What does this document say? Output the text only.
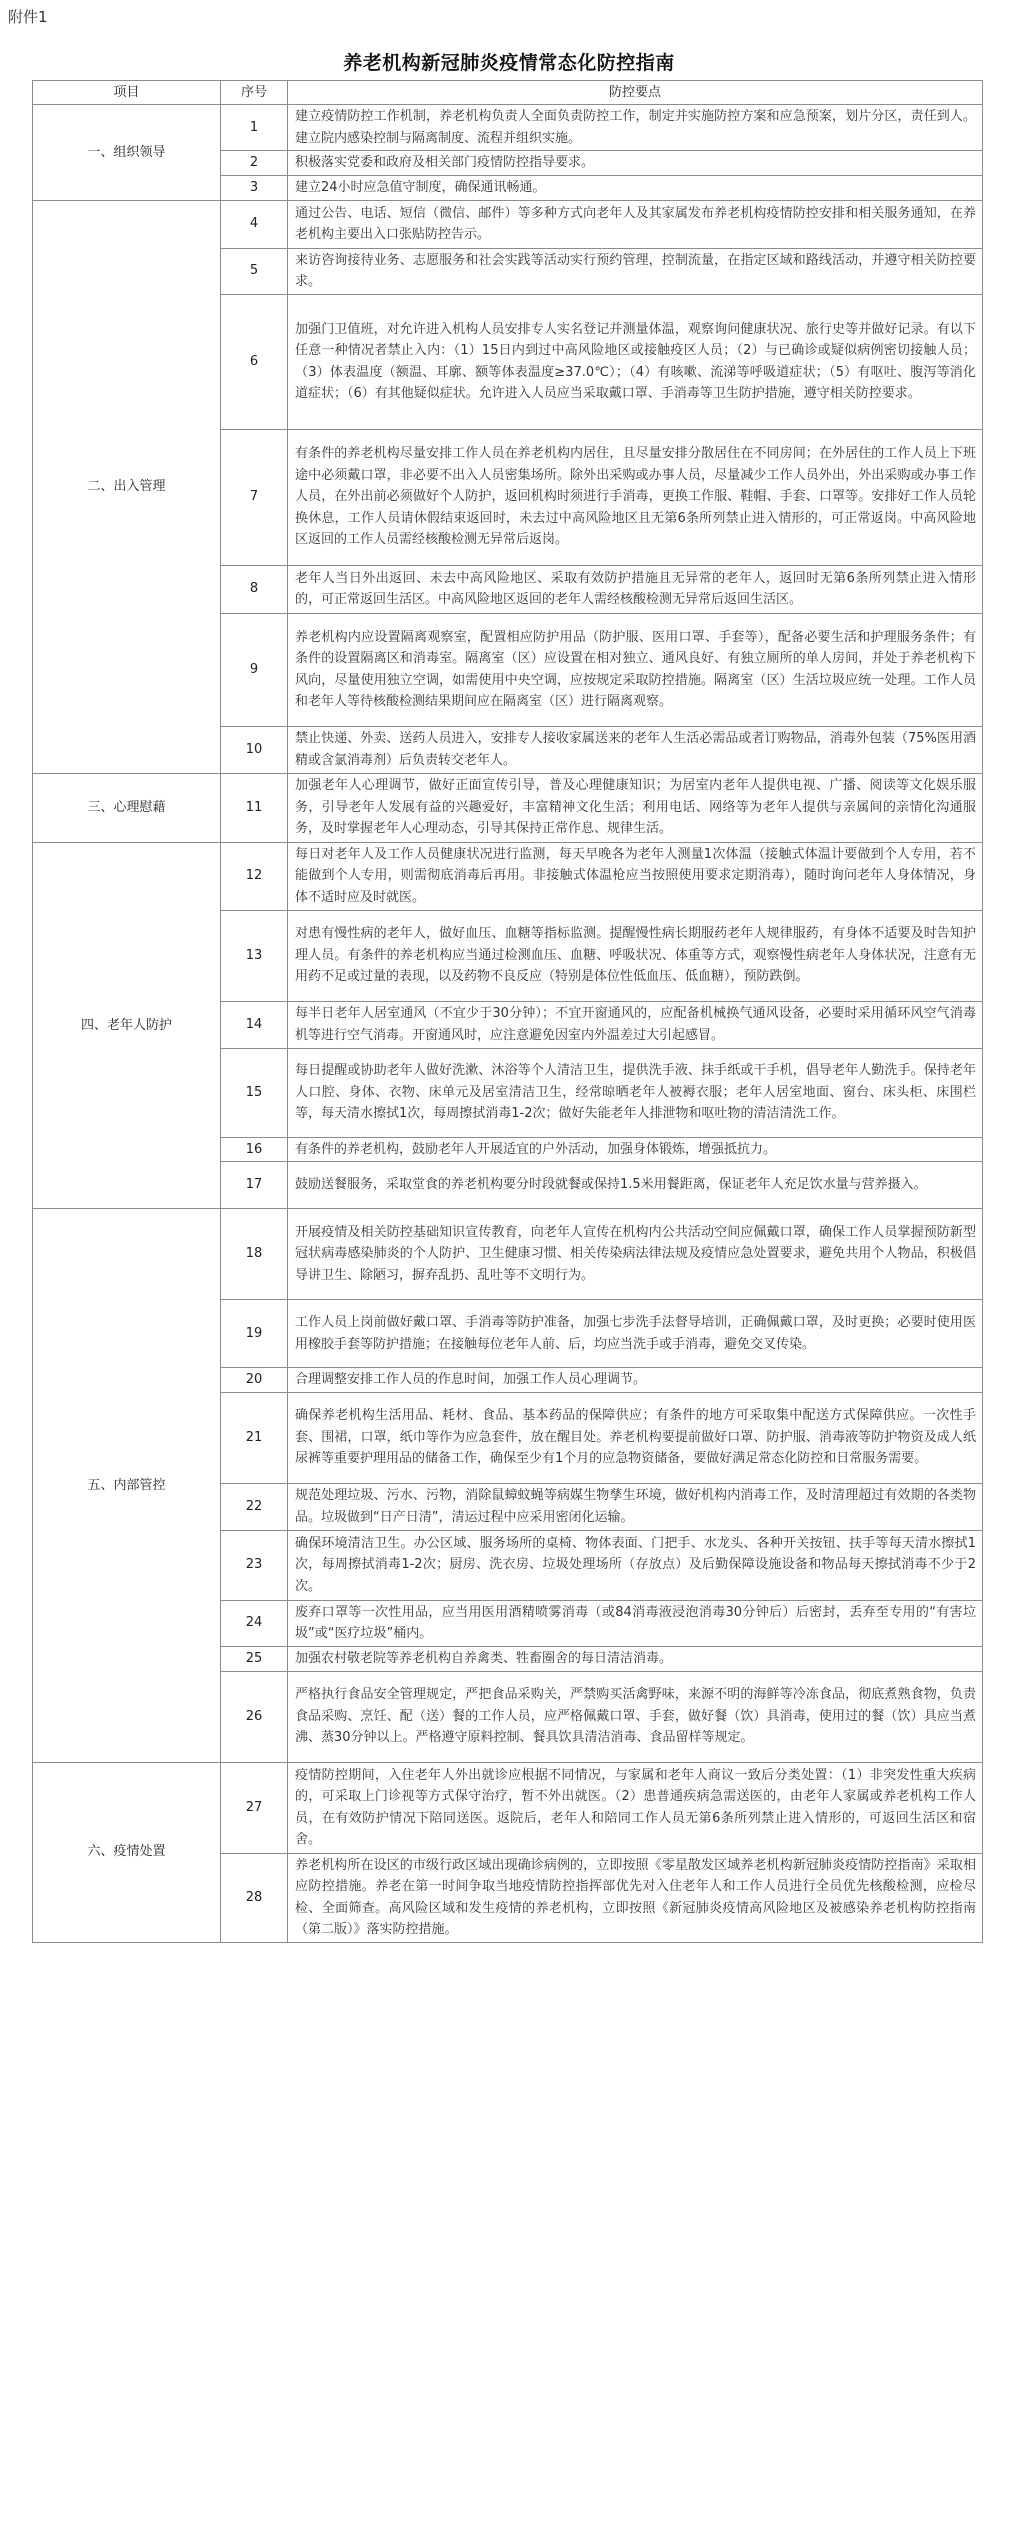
附件1
养老机构新冠肺炎疫情常态化防控指南
项目	序号	防控要点
一、组织领导	1	建立疫情防控工作机制，养老机构负责人全面负责防控工作，制定并实施防控方案和应急预案，划片分区，责任到人。建立院内感染控制与隔离制度、流程并组织实施。
	2	积极落实党委和政府及相关部门疫情防控指导要求。
	3	建立24小时应急值守制度，确保通讯畅通。
二、出入管理	4	通过公告、电话、短信（微信、邮件）等多种方式向老年人及其家属发布养老机构疫情防控安排和相关服务通知，在养老机构主要出入口张贴防控告示。
	5	来访咨询接待业务、志愿服务和社会实践等活动实行预约管理，控制流量，在指定区域和路线活动，并遵守相关防控要求。
	6	加强门卫值班，对允许进入机构人员安排专人实名登记并测量体温，观察询问健康状况、旅行史等并做好记录。有以下任意一种情况者禁止入内：（1）15日内到过中高风险地区或接触疫区人员；（2）与已确诊或疑似病例密切接触人员；（3）体表温度（额温、耳廓、额等体表温度≥37.0℃）；（4）有咳嗽、流涕等呼吸道症状；（5）有呕吐、腹泻等消化道症状；（6）有其他疑似症状。允许进入人员应当采取戴口罩、手消毒等卫生防护措施，遵守相关防控要求。
	7	有条件的养老机构尽量安排工作人员在养老机构内居住，且尽量安排分散居住在不同房间；在外居住的工作人员上下班途中必须戴口罩，非必要不出入人员密集场所。除外出采购或办事人员，尽量减少工作人员外出，外出采购或办事工作人员，在外出前必须做好个人防护，返回机构时须进行手消毒，更换工作服、鞋帽、手套、口罩等。安排好工作人员轮换休息，工作人员请休假结束返回时，未去过中高风险地区且无第6条所列禁止进入情形的，可正常返岗。中高风险地区返回的工作人员需经核酸检测无异常后返岗。
	8	老年人当日外出返回、未去中高风险地区、采取有效防护措施且无异常的老年人，返回时无第6条所列禁止进入情形的，可正常返回生活区。中高风险地区返回的老年人需经核酸检测无异常后返回生活区。
	9	养老机构内应设置隔离观察室，配置相应防护用品（防护服、医用口罩、手套等），配备必要生活和护理服务条件；有条件的设置隔离区和消毒室。隔离室（区）应设置在相对独立、通风良好、有独立厕所的单人房间，并处于养老机构下风向，尽量使用独立空调，如需使用中央空调，应按规定采取防控措施。隔离室（区）生活垃圾应统一处理。工作人员和老年人等待核酸检测结果期间应在隔离室（区）进行隔离观察。
	10	禁止快递、外卖、送药人员进入，安排专人接收家属送来的老年人生活必需品或者订购物品，消毒外包装（75%医用酒精或含氯消毒剂）后负责转交老年人。
三、心理慰藉	11	加强老年人心理调节，做好正面宣传引导，普及心理健康知识；为居室内老年人提供电视、广播、阅读等文化娱乐服务，引导老年人发展有益的兴趣爱好，丰富精神文化生活；利用电话、网络等为老年人提供与亲属间的亲情化沟通服务，及时掌握老年人心理动态，引导其保持正常作息、规律生活。
四、老年人防护	12	每日对老年人及工作人员健康状况进行监测，每天早晚各为老年人测量1次体温（接触式体温计要做到个人专用，若不能做到个人专用，则需彻底消毒后再用。非接触式体温枪应当按照使用要求定期消毒），随时询问老年人身体情况，身体不适时应及时就医。
	13	对患有慢性病的老年人，做好血压、血糖等指标监测。提醒慢性病长期服药老年人规律服药，有身体不适要及时告知护理人员。有条件的养老机构应当通过检测血压、血糖、呼吸状况、体重等方式，观察慢性病老年人身体状况，注意有无用药不足或过量的表现，以及药物不良反应（特别是体位性低血压、低血糖），预防跌倒。
	14	每半日老年人居室通风（不宜少于30分钟）；不宜开窗通风的，应配备机械换气通风设备，必要时采用循环风空气消毒机等进行空气消毒。开窗通风时，应注意避免因室内外温差过大引起感冒。
	15	每日提醒或协助老年人做好洗漱、沐浴等个人清洁卫生，提供洗手液、抹手纸或干手机，倡导老年人勤洗手。保持老年人口腔、身体、衣物、床单元及居室清洁卫生，经常晾晒老年人被褥衣服；老年人居室地面、窗台、床头柜、床围栏等，每天清水擦拭1次，每周擦拭消毒1-2次；做好失能老年人排泄物和呕吐物的清洁清洗工作。
	16	有条件的养老机构，鼓励老年人开展适宜的户外活动，加强身体锻炼，增强抵抗力。
	17	鼓励送餐服务，采取堂食的养老机构要分时段就餐或保持1.5米用餐距离，保证老年人充足饮水量与营养摄入。
五、内部管控	18	开展疫情及相关防控基础知识宣传教育，向老年人宣传在机构内公共活动空间应佩戴口罩，确保工作人员掌握预防新型冠状病毒感染肺炎的个人防护、卫生健康习惯、相关传染病法律法规及疫情应急处置要求，避免共用个人物品，积极倡导讲卫生、除陋习，摒弃乱扔、乱吐等不文明行为。
	19	工作人员上岗前做好戴口罩、手消毒等防护准备，加强七步洗手法督导培训，正确佩戴口罩，及时更换；必要时使用医用橡胶手套等防护措施；在接触每位老年人前、后，均应当洗手或手消毒，避免交叉传染。
	20	合理调整安排工作人员的作息时间，加强工作人员心理调节。
	21	确保养老机构生活用品、耗材、食品、基本药品的保障供应；有条件的地方可采取集中配送方式保障供应。一次性手套、围裙，口罩，纸巾等作为应急套件，放在醒目处。养老机构要提前做好口罩、防护服、消毒液等防护物资及成人纸尿裤等重要护理用品的储备工作，确保至少有1个月的应急物资储备，要做好满足常态化防控和日常服务需要。
	22	规范处理垃圾、污水、污物，消除鼠蟑蚊蝇等病媒生物孳生环境，做好机构内消毒工作，及时清理超过有效期的各类物品。垃圾做到“日产日清”，清运过程中应采用密闭化运输。
	23	确保环境清洁卫生。办公区域、服务场所的桌椅、物体表面、门把手、水龙头、各种开关按钮、扶手等每天清水擦拭1次，每周擦拭消毒1-2次；厨房、洗衣房、垃圾处理场所（存放点）及后勤保障设施设备和物品每天擦拭消毒不少于2次。
	24	废弃口罩等一次性用品，应当用医用酒精喷雾消毒（或84消毒液浸泡消毒30分钟后）后密封，丢弃至专用的“有害垃圾”或“医疗垃圾”桶内。
	25	加强农村敬老院等养老机构自养禽类、牲畜圈舍的每日清洁消毒。
	26	严格执行食品安全管理规定，严把食品采购关，严禁购买活禽野味，来源不明的海鲜等冷冻食品，彻底煮熟食物，负责食品采购、烹饪、配（送）餐的工作人员，应严格佩戴口罩、手套，做好餐（饮）具消毒，使用过的餐（饮）具应当煮沸、蒸30分钟以上。严格遵守原料控制、餐具饮具清洁消毒、食品留样等规定。
六、疫情处置	27	疫情防控期间，入住老年人外出就诊应根据不同情况，与家属和老年人商议一致后分类处置：（1）非突发性重大疾病的，可采取上门诊视等方式保守治疗，暂不外出就医。（2）患普通疾病急需送医的，由老年人家属或养老机构工作人员，在有效防护情况下陪同送医。返院后，老年人和陪同工作人员无第6条所列禁止进入情形的，可返回生活区和宿舍。
	28	养老机构所在设区的市级行政区域出现确诊病例的，立即按照《零星散发区域养老机构新冠肺炎疫情防控指南》采取相应防控措施。养老在第一时间争取当地疫情防控指挥部优先对入住老年人和工作人员进行全员优先核酸检测，应检尽检、全面筛查。高风险区域和发生疫情的养老机构，立即按照《新冠肺炎疫情高风险地区及被感染养老机构防控指南（第二版）》落实防控措施。
